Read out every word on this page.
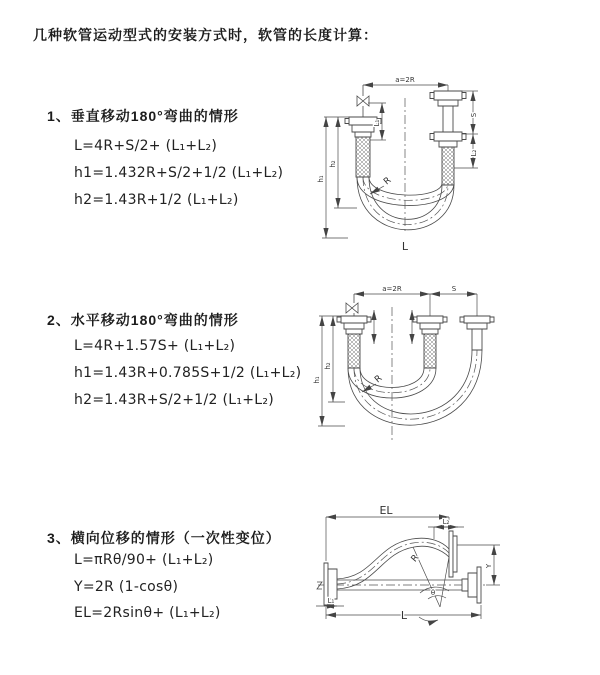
几种软管运动型式的安装方式时，软管的长度计算：
1、垂直移动180°弯曲的情形
L=4R+S/2+ (L₁+L₂)
h1=1.432R+S/2+1/2 (L₁+L₂)
h2=1.43R+1/2 (L₁+L₂)
2、水平移动180°弯曲的情形
L=4R+1.57S+ (L₁+L₂)
h1=1.43R+0.785S+1/2 (L₁+L₂)
h2=1.43R+S/2+1/2 (L₁+L₂)
3、横向位移的情形（一次性变位）
L=πRθ/90+ (L₁+L₂)
Y=2R (1-cosθ)
EL=2Rsinθ+ (L₁+L₂)
a=2R
S
L₂
L₁
h₂
h₁	R
L
a=2R	S
h₂
h₁	R
EL
L₂
Y
R
θ
L₁
L
